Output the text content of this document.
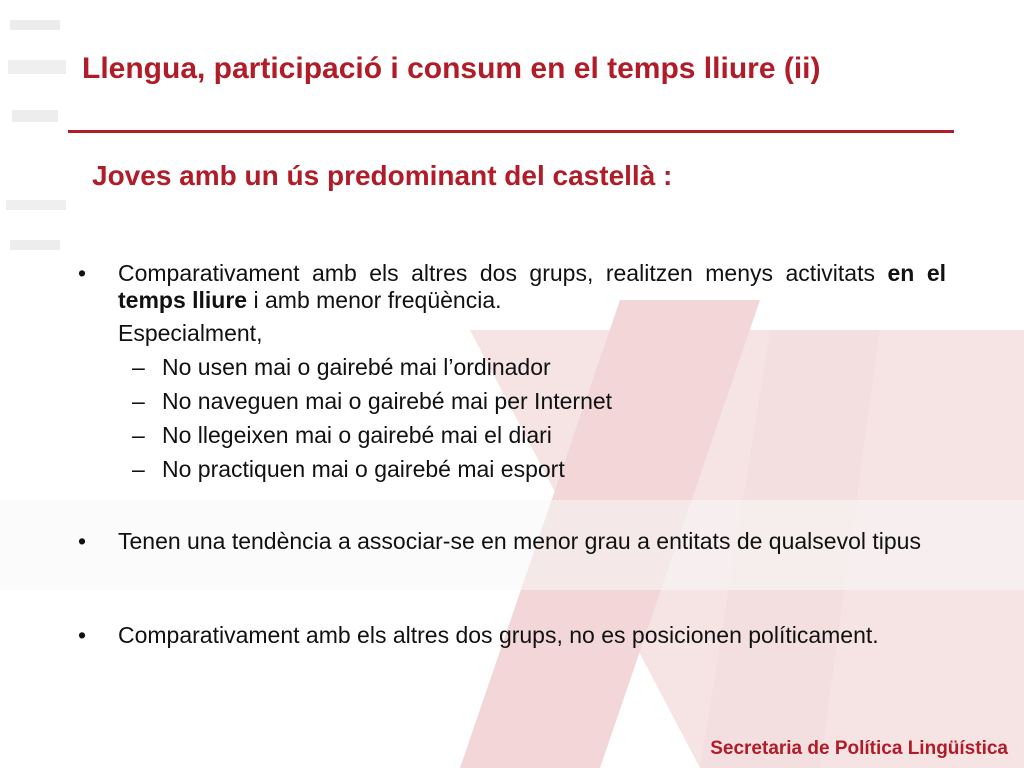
Llengua, participació i consum en el temps lliure (ii)
Joves amb un ús predominant del castellà :
•	Comparativament amb els altres dos grups, realitzen menys activitats en el temps lliure i amb menor freqüència.
Especialment,
– No usen mai o gairebé mai l’ordinador
– No naveguen mai o gairebé mai per Internet
– No llegeixen mai o gairebé mai el diari
– No practiquen mai o gairebé mai esport
•	Tenen una tendència a associar-se en menor grau a entitats de qualsevol tipus
•	Comparativament amb els altres dos grups, no es posicionen políticament.
Secretaria de Política Lingüística
